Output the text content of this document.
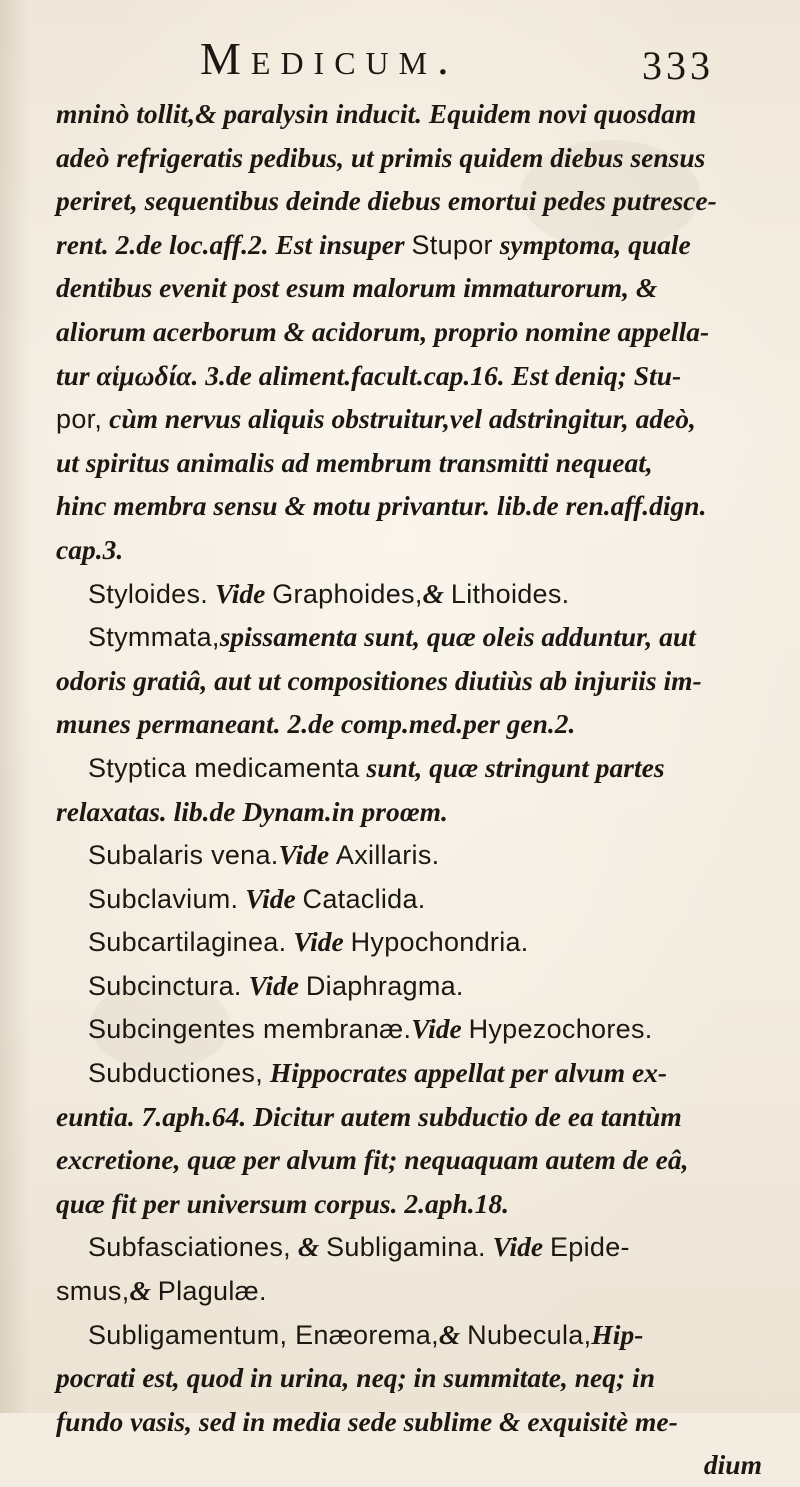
Medicum.	333
mninò tollit,& paralysin inducit. Equidem novi quosdam
adeò refrigeratis pedibus, ut primis quidem diebus sensus
periret, sequentibus deinde diebus emortui pedes putresce-
rent. 2.de loc.aff.2. Est insuper Stupor symptoma, quale
dentibus evenit post esum malorum immaturorum, &
aliorum acerborum & acidorum, proprio nomine appella-
tur αἱμωδία. 3.de aliment.facult.cap.16. Est deniq; Stu-
por, cùm nervus aliquis obstruitur,vel adstringitur, adeò,
ut spiritus animalis ad membrum transmitti nequeat,
hinc membra sensu & motu privantur. lib.de ren.aff.dign.
cap.3.
Styloides. Vide Graphoides,& Lithoides.
Stymmata,spissamenta sunt, quæ oleis adduntur, aut
odoris gratiâ, aut ut compositiones diutiùs ab injuriis im-
munes permaneant. 2.de comp.med.per gen.2.
Styptica medicamenta sunt, quæ stringunt partes
relaxatas. lib.de Dynam.in proœm.
Subalaris vena.Vide Axillaris.
Subclavium. Vide Cataclida.
Subcartilaginea. Vide Hypochondria.
Subcinctura. Vide Diaphragma.
Subcingentes membranæ.Vide Hypezochores.
Subductiones, Hippocrates appellat per alvum ex-
euntia. 7.aph.64. Dicitur autem subductio de ea tantùm
excretione, quæ per alvum fit; nequaquam autem de eâ,
quæ fit per universum corpus. 2.aph.18.
Subfasciationes, & Subligamina. Vide Epide-
smus,& Plagulæ.
Subligamentum, Enæorema,& Nubecula,Hip-
pocrati est, quod in urina, neq; in summitate, neq; in
fundo vasis, sed in media sede sublime & exquisitè me-
dium
